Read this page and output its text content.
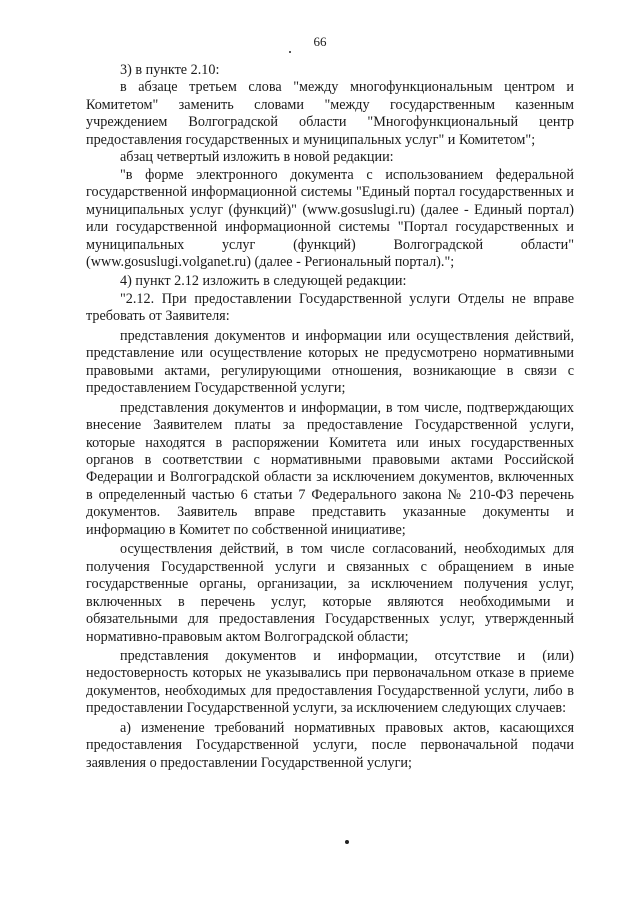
66

3) в пункте 2.10:

в абзаце третьем слова "между многофункциональным центром и Комитетом" заменить словами "между государственным казенным учреждением Волгоградской области "Многофункциональный центр предоставления государственных и муниципальных услуг" и Комитетом";

абзац четвертый изложить в новой редакции:

"в форме электронного документа с использованием федеральной государственной информационной системы "Единый портал государственных и муниципальных услуг (функций)" (www.gosuslugi.ru) (далее - Единый портал) или государственной информационной системы "Портал государственных и муниципальных услуг (функций) Волгоградской области" (www.gosuslugi.volganet.ru) (далее - Региональный портал).";

4) пункт 2.12 изложить в следующей редакции:

"2.12. При предоставлении Государственной услуги Отделы не вправе требовать от Заявителя:

представления документов и информации или осуществления действий, представление или осуществление которых не предусмотрено нормативными правовыми актами, регулирующими отношения, возникающие в связи с предоставлением Государственной услуги;

представления документов и информации, в том числе, подтверждающих внесение Заявителем платы за предоставление Государственной услуги, которые находятся в распоряжении Комитета или иных государственных органов в соответствии с нормативными правовыми актами Российской Федерации и Волгоградской области за исключением документов, включенных в определенный частью 6 статьи 7 Федерального закона № 210-ФЗ перечень документов. Заявитель вправе представить указанные документы и информацию в Комитет по собственной инициативе;

осуществления действий, в том числе согласований, необходимых для получения Государственной услуги и связанных с обращением в иные государственные органы, организации, за исключением получения услуг, включенных в перечень услуг, которые являются необходимыми и обязательными для предоставления Государственных услуг, утвержденный нормативно-правовым актом Волгоградской области;

представления документов и информации, отсутствие и (или) недостоверность которых не указывались при первоначальном отказе в приеме документов, необходимых для предоставления Государственной услуги, либо в предоставлении Государственной услуги, за исключением следующих случаев:

а) изменение требований нормативных правовых актов, касающихся предоставления Государственной услуги, после первоначальной подачи заявления о предоставлении Государственной услуги;
